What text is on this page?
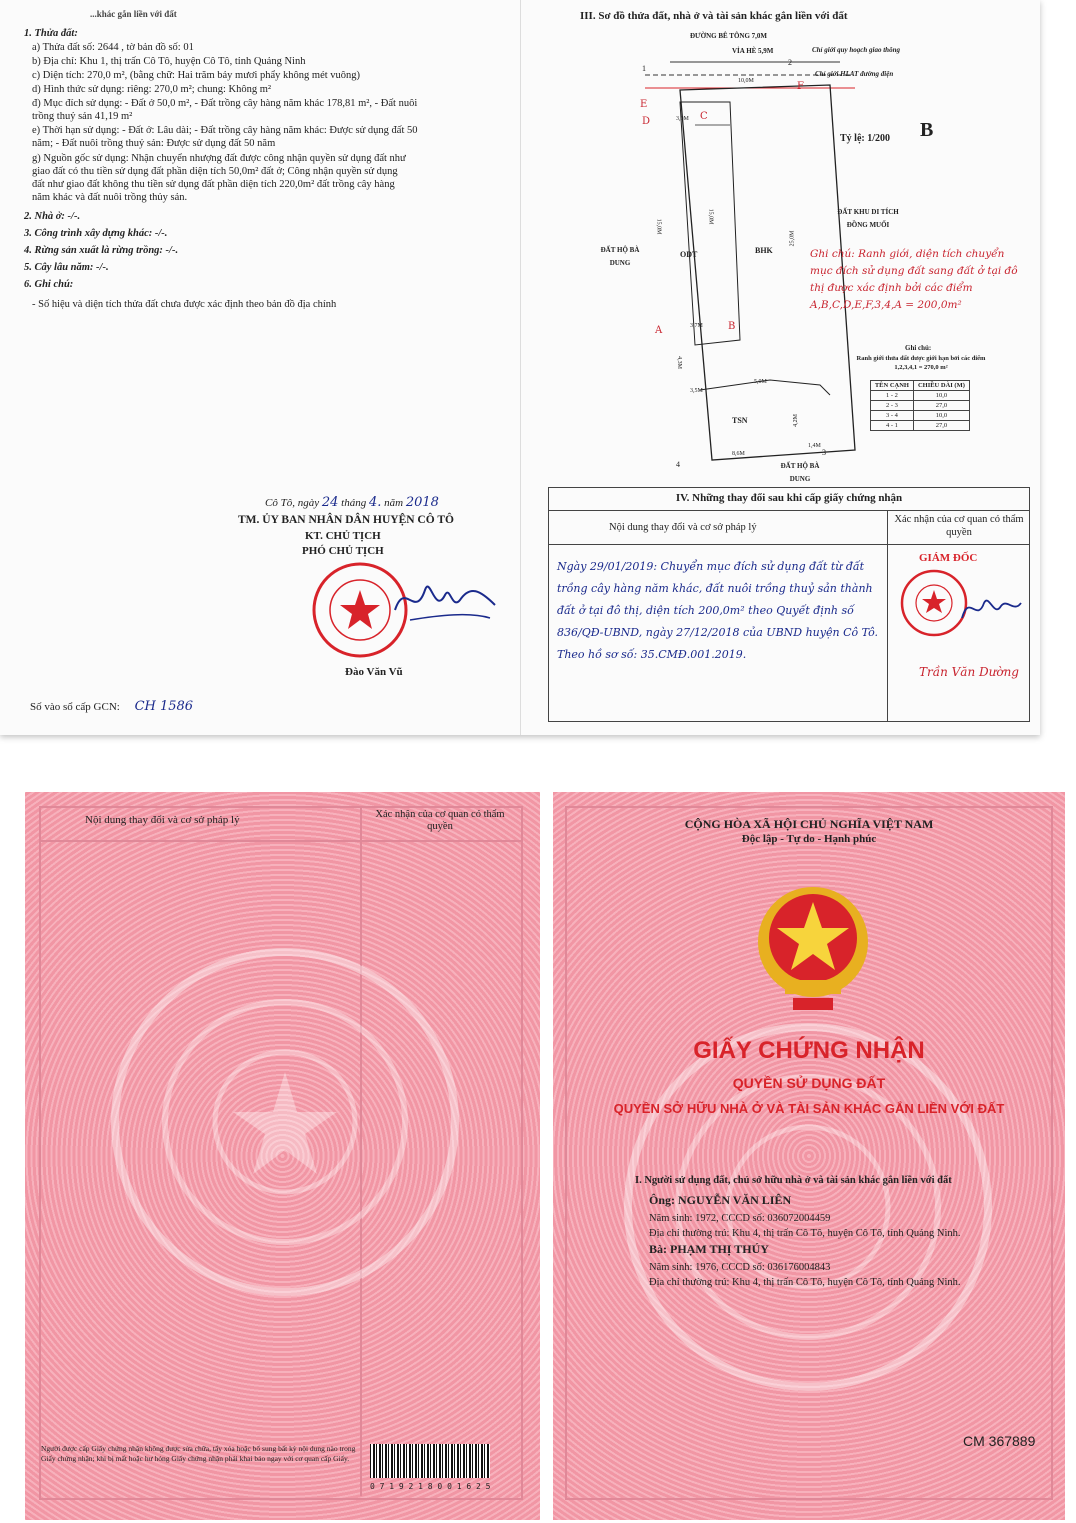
...khác gắn liền với đất
1. Thửa đất:
a) Thửa đất số: 2644 , tờ bản đồ số: 01
b) Địa chỉ: Khu 1, thị trấn Cô Tô, huyện Cô Tô, tỉnh Quảng Ninh
c) Diện tích: 270,0 m², (bằng chữ: Hai trăm bảy mươi phẩy không mét vuông)
d) Hình thức sử dụng: riêng: 270,0 m²; chung: Không m²
đ) Mục đích sử dụng: - Đất ở 50,0 m², - Đất trồng cây hàng năm khác 178,81 m², - Đất nuôi
trồng thuỷ sản 41,19 m²
e) Thời hạn sử dụng: - Đất ở: Lâu dài; - Đất trồng cây hàng năm khác: Được sử dụng đất 50
năm; - Đất nuôi trồng thuỷ sản: Được sử dụng đất 50 năm
g) Nguồn gốc sử dụng: Nhận chuyển nhượng đất được công nhận quyền sử dụng đất như
giao đất có thu tiền sử dụng đất phần diện tích 50,0m² đất ở; Công nhận quyền sử dụng
đất như giao đất không thu tiền sử dụng đất phần diện tích 220,0m² đất trồng cây hàng
năm khác và đất nuôi trồng thủy sản.
2. Nhà ở: -/-.
3. Công trình xây dựng khác: -/-.
4. Rừng sản xuất là rừng trồng: -/-.
5. Cây lâu năm: -/-.
6. Ghi chú:
- Số hiệu và diện tích thửa đất chưa được xác định theo bản đồ địa chính
Cô Tô, ngày 24 tháng 4. năm 2018
TM. ỦY BAN NHÂN DÂN HUYỆN CÔ TÔ
KT. CHỦ TỊCH
PHÓ CHỦ TỊCH
Đào Văn Vũ
Số vào sổ cấp GCN: CH 1586
III. Sơ đồ thửa đất, nhà ở và tài sản khác gắn liền với đất
ĐƯỜNG BÊ TÔNG 7,0M
VỈA HÈ 5,9M	Chỉ giới quy hoạch giao thông
Chỉ giới HLAT đường điện
Tỷ lệ: 1/200 B
ĐẤT HỘ BÀ DUNG
ĐẤT KHU DI TÍCH ĐỒNG MUỐI
ĐẤT HỘ BÀ DUNG
ODT	BHK
TSN
10,0M
3,0M
15,0M
15,0M
25,0M
3,7M
4,3M
3,5M
5,0M
4,2M
8,6M
1,4M
A	B
C
D
E
F
1
2
3
4
Ghi chú: Ranh giới, diện tích chuyển mục đích sử dụng đất sang đất ở tại đô thị được xác định bởi các điểm A,B,C,D,E,F,3,4,A = 200,0m²
Ghi chú:
Ranh giới thửa đất được giới hạn bởi các điểm 1,2,3,4,1 = 270,0 m²
TÊN CẠNH	CHIỀU DÀI (M)
1 - 2	10,0
2 - 3	27,0
3 - 4	10,0
4 - 1	27,0
IV. Những thay đổi sau khi cấp giấy chứng nhận
Nội dung thay đổi và cơ sở pháp lý
Xác nhận của cơ quan có thẩm quyền
Ngày 29/01/2019: Chuyển mục đích sử dụng đất từ đất trồng cây hàng năm khác, đất nuôi trồng thuỷ sản thành đất ở tại đô thị, diện tích 200,0m² theo Quyết định số 836/QĐ-UBND, ngày 27/12/2018 của UBND huyện Cô Tô. Theo hồ sơ số: 35.CMĐ.001.2019.
GIÁM ĐỐC
Trần Văn Dường
Nội dung thay đổi và cơ sở pháp lý	Xác nhận của cơ quan có thẩm quyền
Người được cấp Giấy chứng nhận không được sửa chữa, tẩy xóa hoặc bổ sung bất kỳ nội dung nào trong Giấy chứng nhận; khi bị mất hoặc hư hỏng Giấy chứng nhận phải khai báo ngay với cơ quan cấp Giấy.
0 7 1 9 2 1 8 0 0 1 6 2 5
CỘNG HÒA XÃ HỘI CHỦ NGHĨA VIỆT NAM
Độc lập - Tự do - Hạnh phúc
GIẤY CHỨNG NHẬN
QUYỀN SỬ DỤNG ĐẤT
QUYỀN SỞ HỮU NHÀ Ở VÀ TÀI SẢN KHÁC GẮN LIỀN VỚI ĐẤT
I. Người sử dụng đất, chủ sở hữu nhà ở và tài sản khác gắn liền với đất
Ông: NGUYỄN VĂN LIÊN
Năm sinh: 1972, CCCD số: 036072004459
Địa chỉ thường trú: Khu 4, thị trấn Cô Tô, huyện Cô Tô, tỉnh Quảng Ninh.
Bà: PHẠM THỊ THÚY
Năm sinh: 1976, CCCD số: 036176004843
Địa chỉ thường trú: Khu 4, thị trấn Cô Tô, huyện Cô Tô, tỉnh Quảng Ninh.
CM 367889
